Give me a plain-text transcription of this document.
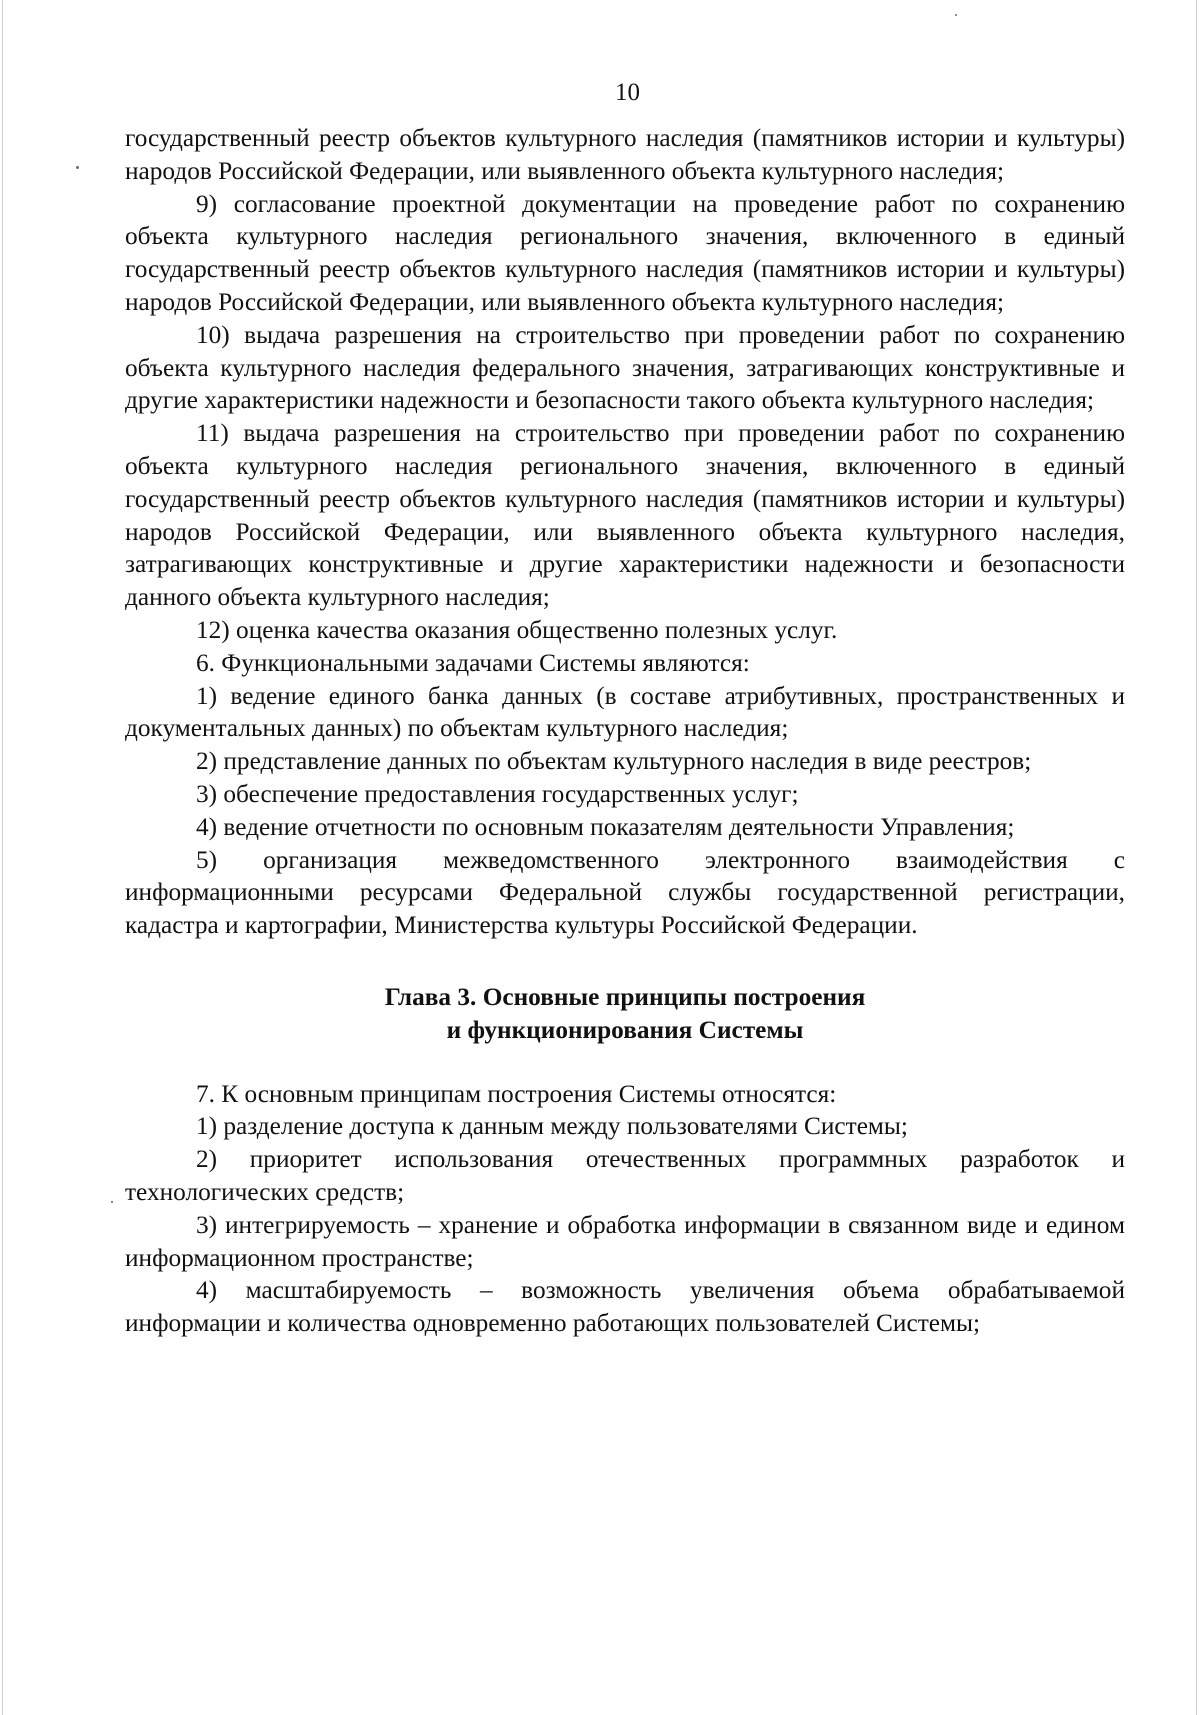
10

государственный реестр объектов культурного наследия (памятников истории и культуры) народов Российской Федерации, или выявленного объекта культурного наследия;

9) согласование проектной документации на проведение работ по сохранению объекта культурного наследия регионального значения, включенного в единый государственный реестр объектов культурного наследия (памятников истории и культуры) народов Российской Федерации, или выявленного объекта культурного наследия;

10) выдача разрешения на строительство при проведении работ по сохранению объекта культурного наследия федерального значения, затрагивающих конструктивные и другие характеристики надежности и безопасности такого объекта культурного наследия;

11) выдача разрешения на строительство при проведении работ по сохранению объекта культурного наследия регионального значения, включенного в единый государственный реестр объектов культурного наследия (памятников истории и культуры) народов Российской Федерации, или выявленного объекта культурного наследия, затрагивающих конструктивные и другие характеристики надежности и безопасности данного объекта культурного наследия;

12) оценка качества оказания общественно полезных услуг.

6. Функциональными задачами Системы являются:

1) ведение единого банка данных (в составе атрибутивных, пространственных и документальных данных) по объектам культурного наследия;

2) представление данных по объектам культурного наследия в виде реестров;

3) обеспечение предоставления государственных услуг;

4) ведение отчетности по основным показателям деятельности Управления;

5) организация межведомственного электронного взаимодействия с информационными ресурсами Федеральной службы государственной регистрации, кадастра и картографии, Министерства культуры Российской Федерации.

Глава 3. Основные принципы построения
и функционирования Системы

7. К основным принципам построения Системы относятся:

1) разделение доступа к данным между пользователями Системы;

2) приоритет использования отечественных программных разработок и технологических средств;

3) интегрируемость – хранение и обработка информации в связанном виде и едином информационном пространстве;

4) масштабируемость – возможность увеличения объема обрабатываемой информации и количества одновременно работающих пользователей Системы;
